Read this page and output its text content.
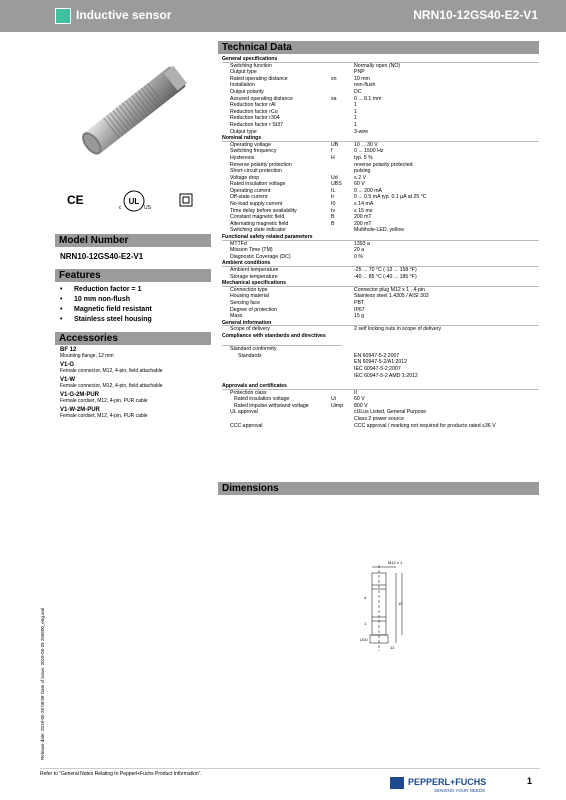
Inductive sensor	NRN10-12GS40-E2-V1
CE	UL
c	US
Model Number
NRN10-12GS40-E2-V1
Features
• Reduction factor = 1
• 10 mm non-flush
• Magnetic field resistant
• Stainless steel housing
Accessories
BF 12
Mounting flange, 12 mm
V1-G
Female connector, M12, 4-pin, field attachable
V1-W
Female connector, M12, 4-pin, field attachable
V1-G-2M-PUR
Female cordset, M12, 4-pin, PUR cable
V1-W-2M-PUR
Female cordset, M12, 4-pin, PUR cable
Release date: 2018-05-28 08:08 Date of issue: 2018-05-28 256600_eng.xml
Technical Data
General specifications
Switching function	Normally open (NO)
Output type	PNP
Rated operating distance	sn	10 mm
Installation	non-flush
Output polarity	DC
Assured operating distance	sa	0 ... 8.1 mm
Reduction factor rAl	1
Reduction factor rCu	1
Reduction factor r304	1
Reduction factor r St37	1
Output type	3-wire
Nominal ratings
Operating voltage	UB	10 ... 30 V
Switching frequency	f	0 ... 1500 Hz
Hysteresis	H	typ. 5 %
Reverse polarity protection	reverse polarity protected
Short-circuit protection	pulsing
Voltage drop	Ud	≤ 2 V
Rated insulation voltage	UBS 60 V
Operating current	IL	0 ... 200 mA
Off-state current	Ir	0 ... 0.5 mA typ. 0.1 µA at 25 °C
No-load supply current	I0	≤ 14 mA
Time delay before availability	tv	≤ 15 ms
Constant magnetic field	B	200 mT
Alternating magnetic field	B	200 mT
Switching state indicator	Multihole-LED, yellow
Functional safety related parameters
MTTFd	1393 a
Mission Time (TM)	20 a
Diagnostic Coverage (DC)	0 %
Ambient conditions
Ambient temperature	-25 ... 70 °C (-13 ... 158 °F)
Storage temperature	-40 ... 85 °C (-40 ... 185 °F)
Mechanical specifications
Connection type	Connector plug M12 x 1 , 4-pin
Housing material	Stainless steel 1.4305 / AISI 303
Sensing face	PBT
Degree of protection	IP67
Mass	15 g
General information
Scope of delivery	2 self locking nuts in scope of delivery
Compliance with standards and directives
Standard conformity
Standards	EN 60947-5-2:2007
EN 60947-5-2/A1:2012
IEC 60947-5-2:2007
IEC 60947-5-2 AMD 1:2012
Approvals and certificates
Protection class	II
Rated insulation voltage	Ui	60 V
Rated impulse withstand voltage	Uimp 800 V
UL approval	cULus Listed, General Purpose
Class 2 power source
CCC approval	CCC approval / marking not required for products rated ≤36 V
Dimensions
M12 x 1
4
10
1
LED
12
Refer to "General Notes Relating to Pepperl+Fuchs Product Information".
PEPPERL+FUCHS
SENSING YOUR NEEDS
1
